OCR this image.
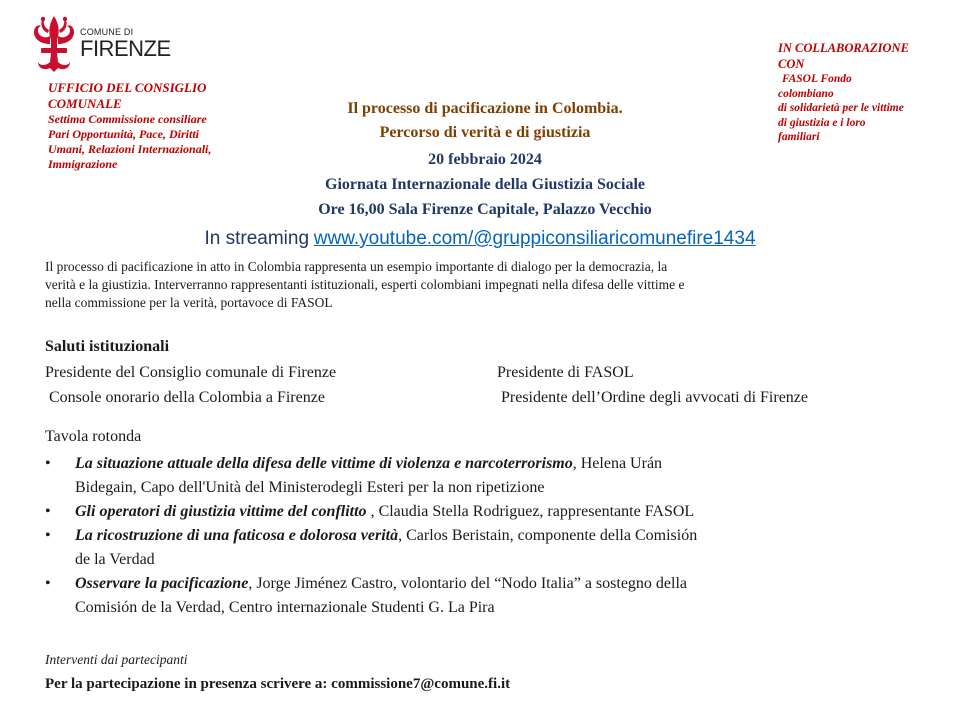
COMUNE DI
FIRENZE
UFFICIO DEL CONSIGLIO
COMUNALE
Settima Commissione consiliare
Pari Opportunità, Pace, Diritti
Umani, Relazioni Internazionali,
Immigrazione
IN COLLABORAZIONE
CON
FASOL Fondo
colombiano
di solidarietà per le vittime
di giustizia e i loro
familiari
Il processo di pacificazione in Colombia.
Percorso di verità e di giustizia
20 febbraio 2024
Giornata Internazionale della Giustizia Sociale
Ore 16,00 Sala Firenze Capitale, Palazzo Vecchio
In streaming www.youtube.com/@gruppiconsiliaricomunefire1434
Il processo di pacificazione in atto in Colombia rappresenta un esempio importante di dialogo per la democrazia, la
verità e la giustizia. Interverranno rappresentanti istituzionali, esperti colombiani impegnati nella difesa delle vittime e
nella commissione per la verità, portavoce di FASOL
Saluti istituzionali
Presidente del Consiglio comunale di Firenze	Presidente di FASOL
Console onorario della Colombia a Firenze	Presidente dell’Ordine degli avvocati di Firenze
Tavola rotonda
• La situazione attuale della difesa delle vittime di violenza e narcoterrorismo, Helena Urán
Bidegain, Capo dell'Unità del Ministerodegli Esteri per la non ripetizione
• Gli operatori di giustizia vittime del conflitto , Claudia Stella Rodriguez, rappresentante FASOL
• La ricostruzione di una faticosa e dolorosa verità, Carlos Beristain, componente della Comisión
de la Verdad
• Osservare la pacificazione, Jorge Jiménez Castro, volontario del “Nodo Italia” a sostegno della
Comisión de la Verdad, Centro internazionale Studenti G. La Pira
Interventi dai partecipanti
Per la partecipazione in presenza scrivere a: commissione7@comune.fi.it
